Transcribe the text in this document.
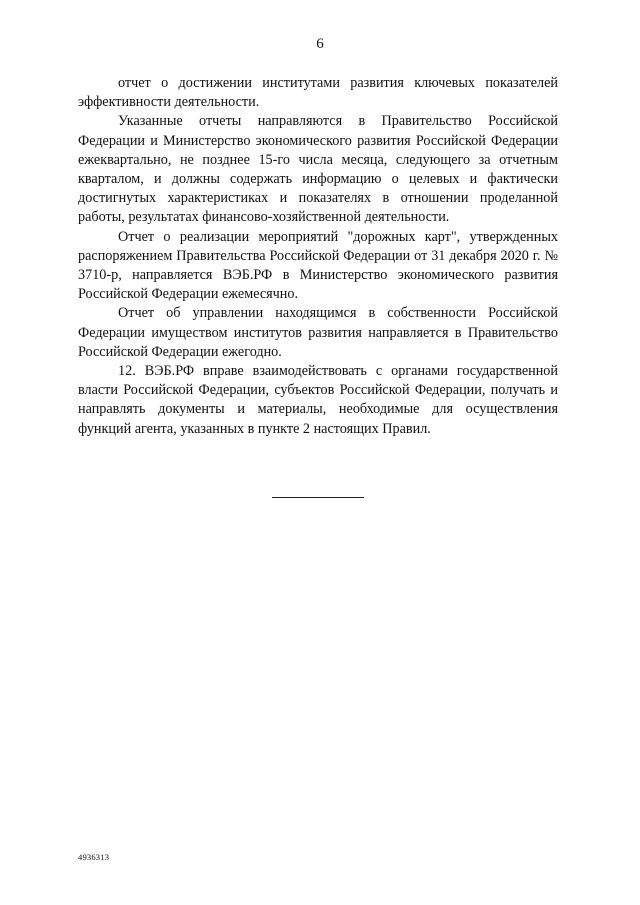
6

отчет о достижении институтами развития ключевых показателей эффективности деятельности.

Указанные отчеты направляются в Правительство Российской Федерации и Министерство экономического развития Российской Федерации ежеквартально, не позднее 15-го числа месяца, следующего за отчетным кварталом, и должны содержать информацию о целевых и фактически достигнутых характеристиках и показателях в отношении проделанной работы, результатах финансово-хозяйственной деятельности.

Отчет о реализации мероприятий "дорожных карт", утвержденных распоряжением Правительства Российской Федерации от 31 декабря 2020 г. № 3710-р, направляется ВЭБ.РФ в Министерство экономического развития Российской Федерации ежемесячно.

Отчет об управлении находящимся в собственности Российской Федерации имуществом институтов развития направляется в Правительство Российской Федерации ежегодно.

12. ВЭБ.РФ вправе взаимодействовать с органами государственной власти Российской Федерации, субъектов Российской Федерации, получать и направлять документы и материалы, необходимые для осуществления функций агента, указанных в пункте 2 настоящих Правил.

4936313
